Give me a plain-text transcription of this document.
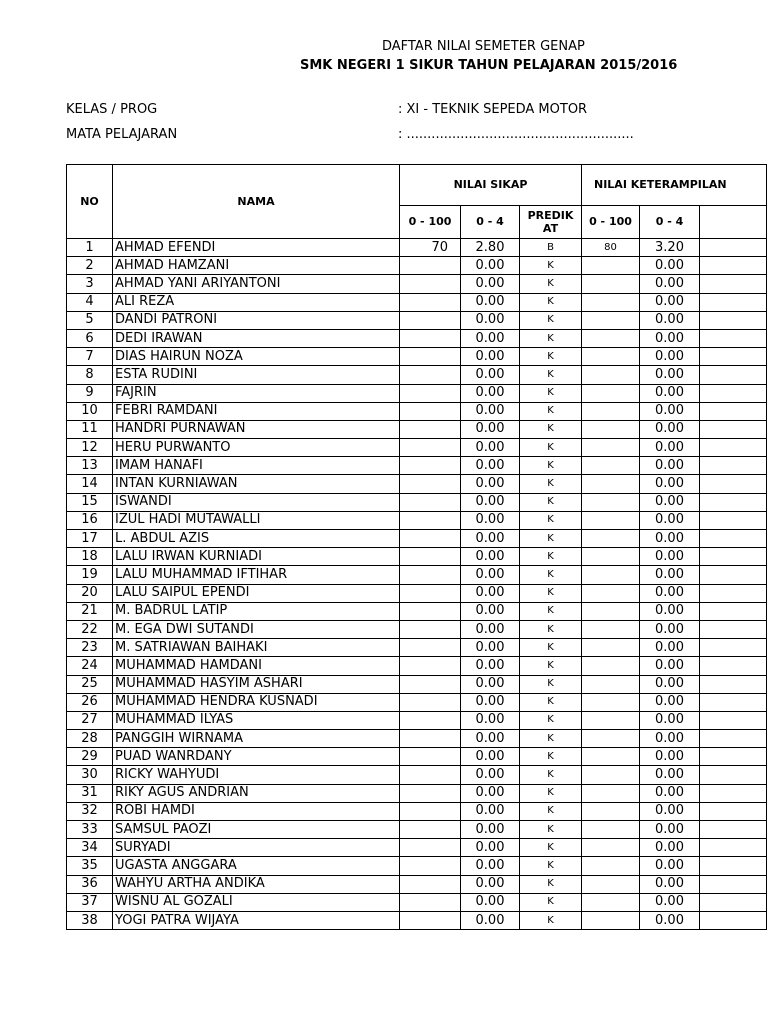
DAFTAR NILAI SEMETER GENAP
SMK NEGERI 1 SIKUR TAHUN PELAJARAN 2015/2016
KELAS / PROG	: XI - TEKNIK SEPEDA MOTOR
MATA PELAJARAN	: .......................................................
NO	NAMA	NILAI SIKAP			NILAI KETERAMPILAN		
		0 - 100	0 - 4	PREDIK AT	0 - 100	0 - 4	
1	AHMAD EFENDI	70	2.80	B	80	3.20	
2	AHMAD HAMZANI		0.00	K		0.00	
3	AHMAD YANI ARIYANTONI		0.00	K		0.00	
4	ALI REZA		0.00	K		0.00	
5	DANDI PATRONI		0.00	K		0.00	
6	DEDI IRAWAN		0.00	K		0.00	
7	DIAS HAIRUN NOZA		0.00	K		0.00	
8	ESTA RUDINI		0.00	K		0.00	
9	FAJRIN		0.00	K		0.00	
10	FEBRI RAMDANI		0.00	K		0.00	
11	HANDRI PURNAWAN		0.00	K		0.00	
12	HERU PURWANTO		0.00	K		0.00	
13	IMAM HANAFI		0.00	K		0.00	
14	INTAN KURNIAWAN		0.00	K		0.00	
15	ISWANDI		0.00	K		0.00	
16	IZUL HADI MUTAWALLI		0.00	K		0.00	
17	L. ABDUL AZIS		0.00	K		0.00	
18	LALU IRWAN KURNIADI		0.00	K		0.00	
19	LALU MUHAMMAD IFTIHAR		0.00	K		0.00	
20	LALU SAIPUL EPENDI		0.00	K		0.00	
21	M. BADRUL LATIP		0.00	K		0.00	
22	M. EGA DWI SUTANDI		0.00	K		0.00	
23	M. SATRIAWAN BAIHAKI		0.00	K		0.00	
24	MUHAMMAD HAMDANI		0.00	K		0.00	
25	MUHAMMAD HASYIM ASHARI		0.00	K		0.00	
26	MUHAMMAD HENDRA KUSNADI		0.00	K		0.00	
27	MUHAMMAD ILYAS		0.00	K		0.00	
28	PANGGIH WIRNAMA		0.00	K		0.00	
29	PUAD WANRDANY		0.00	K		0.00	
30	RICKY WAHYUDI		0.00	K		0.00	
31	RIKY AGUS ANDRIAN		0.00	K		0.00	
32	ROBI HAMDI		0.00	K		0.00	
33	SAMSUL PAOZI		0.00	K		0.00	
34	SURYADI		0.00	K		0.00	
35	UGASTA ANGGARA		0.00	K		0.00	
36	WAHYU ARTHA ANDIKA		0.00	K		0.00	
37	WISNU AL GOZALI		0.00	K		0.00	
38	YOGI PATRA WIJAYA		0.00	K		0.00	
